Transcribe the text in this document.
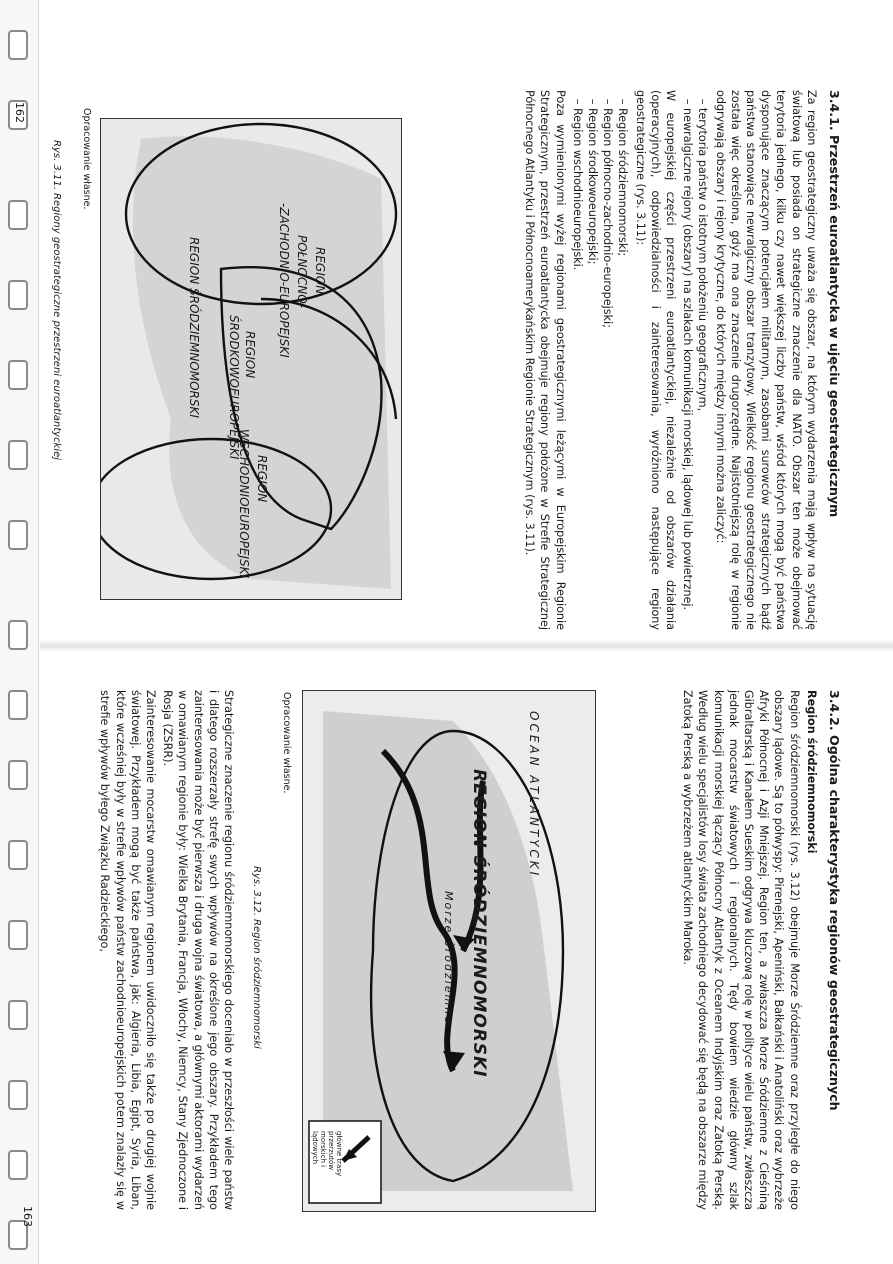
162	3.4.1. Przestrzeń euroatlantycka w ujęciu geostrategicznym

Za region geostrategiczny uważa się obszar, na którym wydarzenia mają wpływ na sytuację światową lub posiada on strategiczne znaczenie dla NATO. Obszar ten może obejmować terytoria jednego, kilku czy nawet większej liczby państw, wśród których mogą być państwa dysponujące znaczącym potencjałem militarnym, zasobami surowców strategicznych bądź państwa stanowiące newralgiczny obszar tranzytowy. Wielkość regionu geostrategicznego nie została więc określona, gdyż ma ona znaczenie drugorzędne. Najistotniejszą rolę w regionie odgrywają obszary i rejony krytyczne, do których między innymi można zaliczyć:

– terytoria państw o istotnym położeniu geograficznym,
– newralgiczne rejony (obszary) na szlakach komunikacji morskiej, lądowej lub powietrznej.

W europejskiej części przestrzeni euroatlantyckiej, niezależnie od obszarów działania (operacyjnych), odpowiedzialności i zainteresowania, wyróżniono następujące regiony geostrategiczne (rys. 3.11):

– Region śródziemnomorski;
– Region północno-zachodnio-europejski;
– Region środkowoeuropejski;
– Region wschodnioeuropejski.

Poza wymienionymi wyżej regionami geostrategicznymi leżącymi w Europejskim Regionie Strategicznym, przestrzeń euroatlantycka obejmuje regiony położone w Strefie Strategicznej Północnego Atlantyku i Północnoamerykańskim Regionie Strategicznym (rys. 3.11).

REGION
POŁNOCNO-
-ZACHODNIO-EUROPEJSKI
REGION
ŚRODKOWOEUROPEJSKI
REGION
WSCHODNIOEUROPEJSKI
REGION ŚRÓDZIEMNOMORSKI
Opracowanie własne.
Rys. 3.11. Regiony geostrategiczne przestrzeni euroatlantyckiej
163

3.4.2. Ogólna charakterystyka regionów geostrategicznych

Region śródziemnomorski

Region śródziemnomorski (rys. 3.12) obejmuje Morze Śródziemne oraz przyległe do niego obszary lądowe. Są to półwyspy: Pirenejski, Apeniński, Bałkański i Anatoliński oraz wybrzeże Afryki Północnej i Azji Mniejszej. Region ten, a zwłaszcza Morze Śródziemne z Cieśniną Gibraltarską i Kanałem Sueskim odgrywa kluczową rolę w polityce wielu państw, zwłaszcza jednak mocarstw światowych i regionalnych. Tędy bowiem wiedzie główny szlak komunikacji morskiej łączący Północny Atlantyk z Oceanem Indyjskim oraz Zatoką Perską. Według wielu specjalistów losy świata zachodniego decydować się będą na obszarze między Zatoką Perską a wybrzeżem atlantyckim Maroka.

OCEAN ATLANTYCKI
REGION ŚRÓDZIEMNOMORSKI
Morze Śródziemne
główne trasy przerzutów morskich i lądowych
Opracowanie własne.
Rys. 3.12. Region śródziemnomorski

Strategiczne znaczenie regionu śródziemnomorskiego doceniało w przeszłości wiele państw i dlatego rozszerzały strefę swych wpływów na określone jego obszary. Przykładem tego zainteresowania może być pierwsza i druga wojna światowa, a głównymi aktorami wydarzeń w omawianym regionie były: Wielka Brytania, Francja, Włochy, Niemcy, Stany Zjednoczone i Rosja (ZSRR).

Zainteresowanie mocarstw omawianym regionem uwidoczniło się także po drugiej wojnie światowej. Przykładem mogą być także państwa, jak: Algieria, Libia, Egipt, Syria, Liban, które wcześniej były w strefie wpływów państw zachodnioeuropejskich potem znalazły się w strefie wpływów byłego Związku Radzieckiego,
